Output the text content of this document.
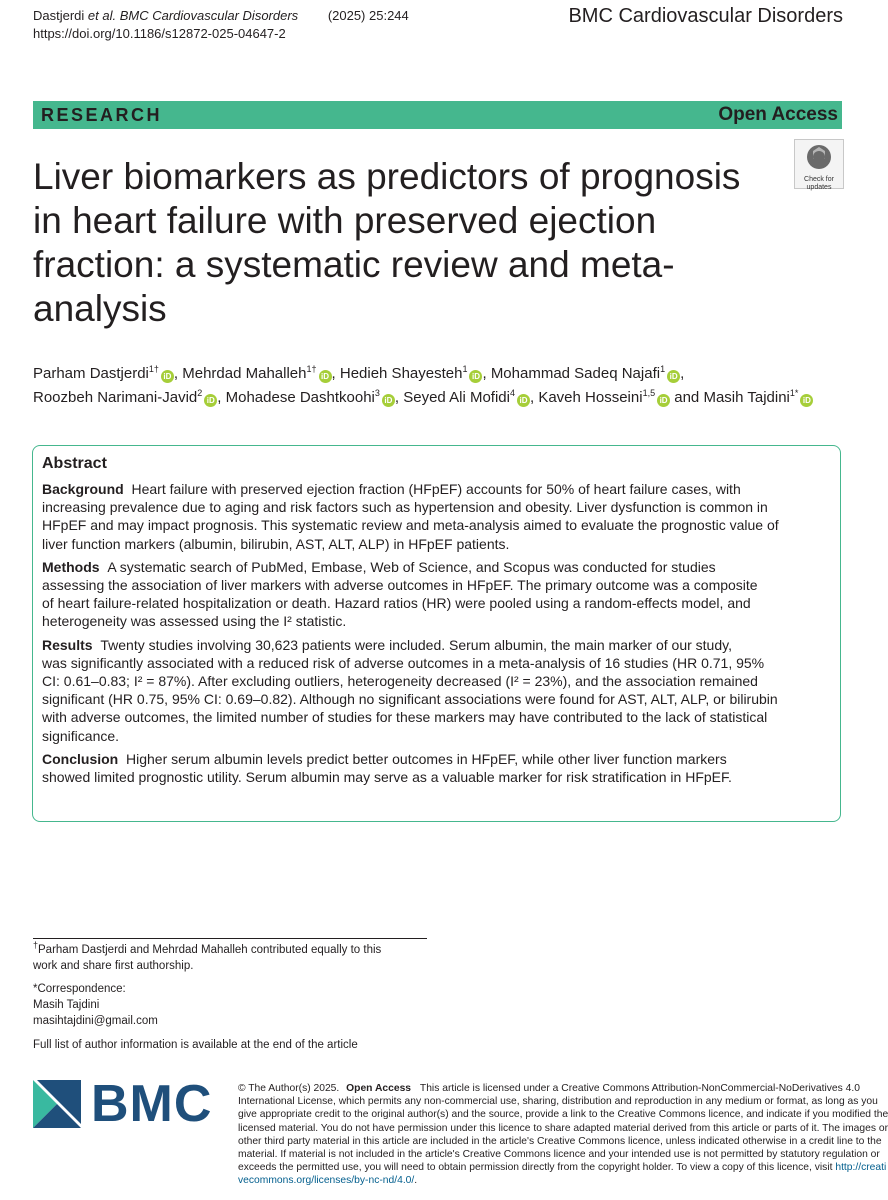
Dastjerdi et al. BMC Cardiovascular Disorders (2025) 25:244
https://doi.org/10.1186/s12872-025-04647-2
BMC Cardiovascular Disorders
RESEARCH	Open Access
Check for
updates
Liver biomarkers as predictors of prognosis
in heart failure with preserved ejection
fraction: a systematic review and meta-
analysis
Parham Dastjerdi$^{1\dagger}$iD , Mehrdad Mahalleh$^{1\dagger}$iD , Hedieh Shayesteh$^1$iD , Mohammad Sadeq Najafi$^1$iD ,
Roozbeh Narimani-Javid$^2$iD , Mohadese Dashtkoohi$^3$iD , Seyed Ali Mofidi$^4$iD , Kaveh Hosseini$^{1,5}$iD and Masih Tajdini$^{1*}$iD
Abstract
Background Heart failure with preserved ejection fraction (HFpEF) accounts for 50% of heart failure cases, with
increasing prevalence due to aging and risk factors such as hypertension and obesity. Liver dysfunction is common in
HFpEF and may impact prognosis. This systematic review and meta-analysis aimed to evaluate the prognostic value of
liver function markers (albumin, bilirubin, AST, ALT, ALP) in HFpEF patients.
Methods A systematic search of PubMed, Embase, Web of Science, and Scopus was conducted for studies
assessing the association of liver markers with adverse outcomes in HFpEF. The primary outcome was a composite
of heart failure-related hospitalization or death. Hazard ratios (HR) were pooled using a random-effects model, and
heterogeneity was assessed using the I² statistic.
Results Twenty studies involving 30,623 patients were included. Serum albumin, the main marker of our study,
was significantly associated with a reduced risk of adverse outcomes in a meta-analysis of 16 studies (HR 0.71, 95%
CI: 0.61–0.83; I² = 87%). After excluding outliers, heterogeneity decreased (I² = 23%), and the association remained
significant (HR 0.75, 95% CI: 0.69–0.82). Although no significant associations were found for AST, ALT, ALP, or bilirubin
with adverse outcomes, the limited number of studies for these markers may have contributed to the lack of statistical
significance.
Conclusion Higher serum albumin levels predict better outcomes in HFpEF, while other liver function markers
showed limited prognostic utility. Serum albumin may serve as a valuable marker for risk stratification in HFpEF.
†Parham Dastjerdi and Mehrdad Mahalleh contributed equally to this
work and share first authorship.
*Correspondence:
Masih Tajdini
masihtajdini@gmail.com
Full list of author information is available at the end of the article
BMC © The Author(s) 2025. Open Access This article is licensed under a Creative Commons Attribution-NonCommercial-NoDerivatives 4.0
International License, which permits any non-commercial use, sharing, distribution and reproduction in any medium or format, as long as you
give appropriate credit to the original author(s) and the source, provide a link to the Creative Commons licence, and indicate if you modified the
licensed material. You do not have permission under this licence to share adapted material derived from this article or parts of it. The images or
other third party material in this article are included in the article's Creative Commons licence, unless indicated otherwise in a credit line to the
material. If material is not included in the article's Creative Commons licence and your intended use is not permitted by statutory regulation or
exceeds the permitted use, you will need to obtain permission directly from the copyright holder. To view a copy of this licence, visit http://creati
vecommons.org/licenses/by-nc-nd/4.0/.
